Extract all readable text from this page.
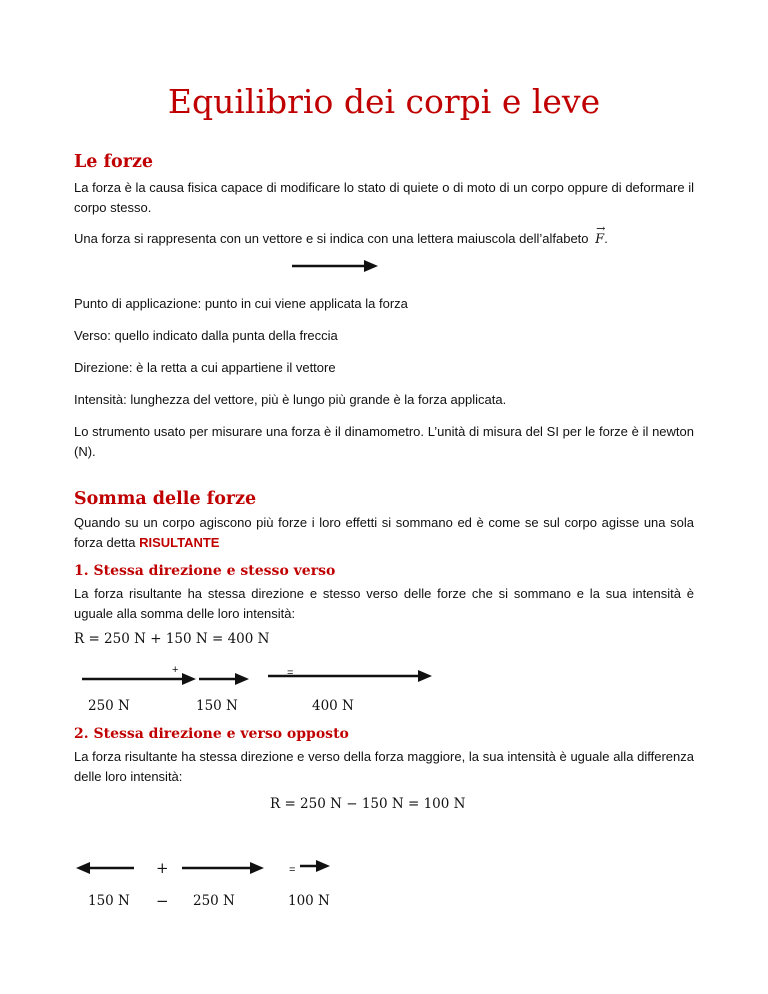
Equilibrio dei corpi e leve
Le forze
La forza è la causa fisica capace di modificare lo stato di quiete o di moto di un corpo oppure di deformare il corpo stesso.
Una forza si rappresenta con un vettore e si indica con una lettera maiuscola dell’alfabeto
→
F.
Punto di applicazione: punto in cui viene applicata la forza
Verso: quello indicato dalla punta della freccia
Direzione: è la retta a cui appartiene il vettore
Intensità: lunghezza del vettore, più è lungo più grande è la forza applicata.
Lo strumento usato per misurare una forza è il dinamometro. L’unità di misura del SI per le forze è il newton (N).
Somma delle forze
Quando su un corpo agiscono più forze i loro effetti si sommano ed è come se sul corpo agisse una sola forza detta RISULTANTE
1. Stessa direzione e stesso verso
La forza risultante ha stessa direzione e stesso verso delle forze che si sommano e la sua intensità è uguale alla somma delle loro intensità:
R = 250 N + 150 N = 400 N
+	=
250 N	150 N	400 N
2. Stessa direzione e verso opposto
La forza risultante ha stessa direzione e verso della forza maggiore, la sua intensità è uguale alla differenza delle loro intensità:
R = 250 N − 150 N = 100 N
+	=
150 N − 250 N	100 N
